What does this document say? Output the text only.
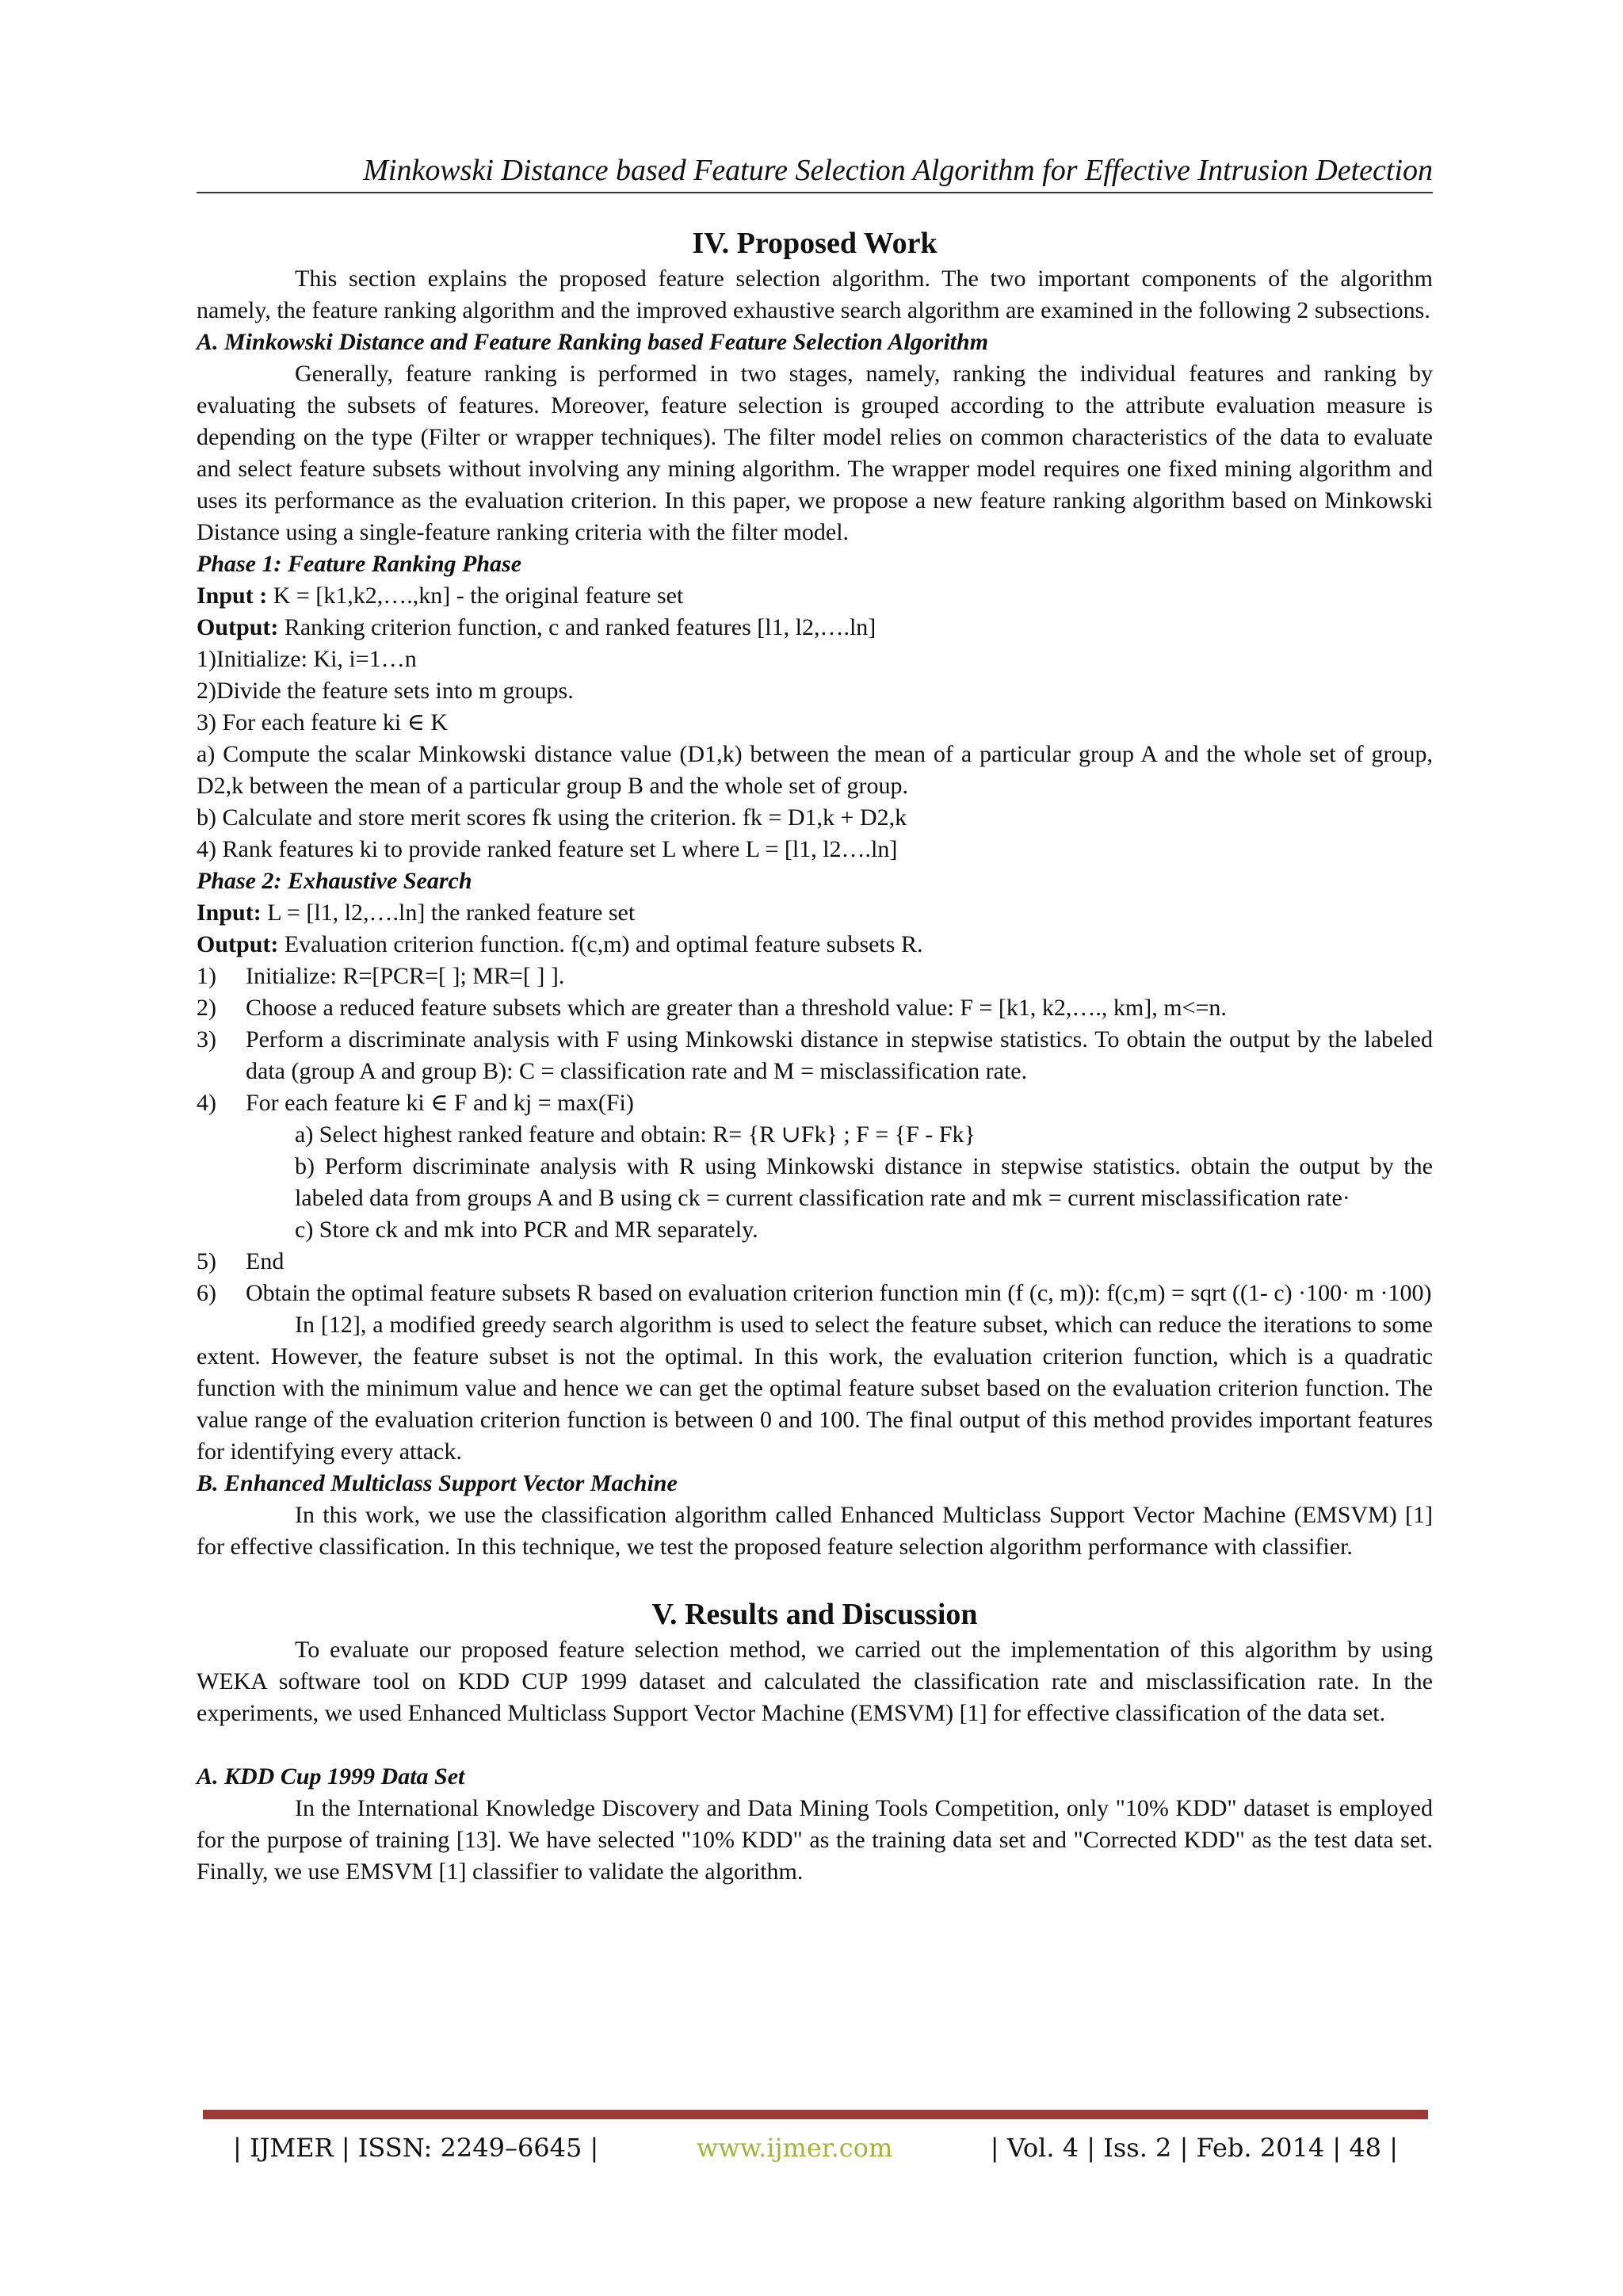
Minkowski Distance based Feature Selection Algorithm for Effective Intrusion Detection
IV. Proposed Work

This section explains the proposed feature selection algorithm. The two important components of the algorithm namely, the feature ranking algorithm and the improved exhaustive search algorithm are examined in the following 2 subsections.

A. Minkowski Distance and Feature Ranking based Feature Selection Algorithm

Generally, feature ranking is performed in two stages, namely, ranking the individual features and ranking by evaluating the subsets of features. Moreover, feature selection is grouped according to the attribute evaluation measure is depending on the type (Filter or wrapper techniques). The filter model relies on common characteristics of the data to evaluate and select feature subsets without involving any mining algorithm. The wrapper model requires one fixed mining algorithm and uses its performance as the evaluation criterion. In this paper, we propose a new feature ranking algorithm based on Minkowski Distance using a single-feature ranking criteria with the filter model.

Phase 1: Feature Ranking Phase
Input : K = [k1,k2,….,kn] - the original feature set
Output: Ranking criterion function, c and ranked features [l1, l2,….ln]
1)Initialize: Ki, i=1…n
2)Divide the feature sets into m groups.
3) For each feature ki ∈ K
a) Compute the scalar Minkowski distance value (D1,k) between the mean of a particular group A and the whole set of group, D2,k between the mean of a particular group B and the whole set of group.
b) Calculate and store merit scores fk using the criterion. fk = D1,k + D2,k
4) Rank features ki to provide ranked feature set L where L = [l1, l2….ln]
Phase 2: Exhaustive Search
Input: L = [l1, l2,….ln] the ranked feature set
Output: Evaluation criterion function. f(c,m) and optimal feature subsets R.
1)	Initialize: R=[PCR=[ ]; MR=[ ] ].
2)	Choose a reduced feature subsets which are greater than a threshold value: F = [k1, k2,…., km], m<=n.
3)	Perform a discriminate analysis with F using Minkowski distance in stepwise statistics. To obtain the output by the labeled data (group A and group B): C = classification rate and M = misclassification rate.
4)	For each feature ki ∈ F and kj = max(Fi)
a) Select highest ranked feature and obtain: R= {R ∪Fk} ; F = {F - Fk}
b) Perform discriminate analysis with R using Minkowski distance in stepwise statistics. obtain the output by the labeled data from groups A and B using ck = current classification rate and mk = current misclassification rate·
c) Store ck and mk into PCR and MR separately.
5)	End
6)	Obtain the optimal feature subsets R based on evaluation criterion function min (f (c, m)): f(c,m) = sqrt ((1- c) ·100· m ·100)

In [12], a modified greedy search algorithm is used to select the feature subset, which can reduce the iterations to some extent. However, the feature subset is not the optimal. In this work, the evaluation criterion function, which is a quadratic function with the minimum value and hence we can get the optimal feature subset based on the evaluation criterion function. The value range of the evaluation criterion function is between 0 and 100. The final output of this method provides important features for identifying every attack.

B. Enhanced Multiclass Support Vector Machine

In this work, we use the classification algorithm called Enhanced Multiclass Support Vector Machine (EMSVM) [1] for effective classification. In this technique, we test the proposed feature selection algorithm performance with classifier.

V. Results and Discussion

To evaluate our proposed feature selection method, we carried out the implementation of this algorithm by using WEKA software tool on KDD CUP 1999 dataset and calculated the classification rate and misclassification rate. In the experiments, we used Enhanced Multiclass Support Vector Machine (EMSVM) [1] for effective classification of the data set.

A. KDD Cup 1999 Data Set

In the International Knowledge Discovery and Data Mining Tools Competition, only "10% KDD" dataset is employed for the purpose of training [13]. We have selected "10% KDD" as the training data set and "Corrected KDD" as the test data set. Finally, we use EMSVM [1] classifier to validate the algorithm.

| IJMER | ISSN: 2249–6645 |	www.ijmer.com	| Vol. 4 | Iss. 2 | Feb. 2014 | 48 |
